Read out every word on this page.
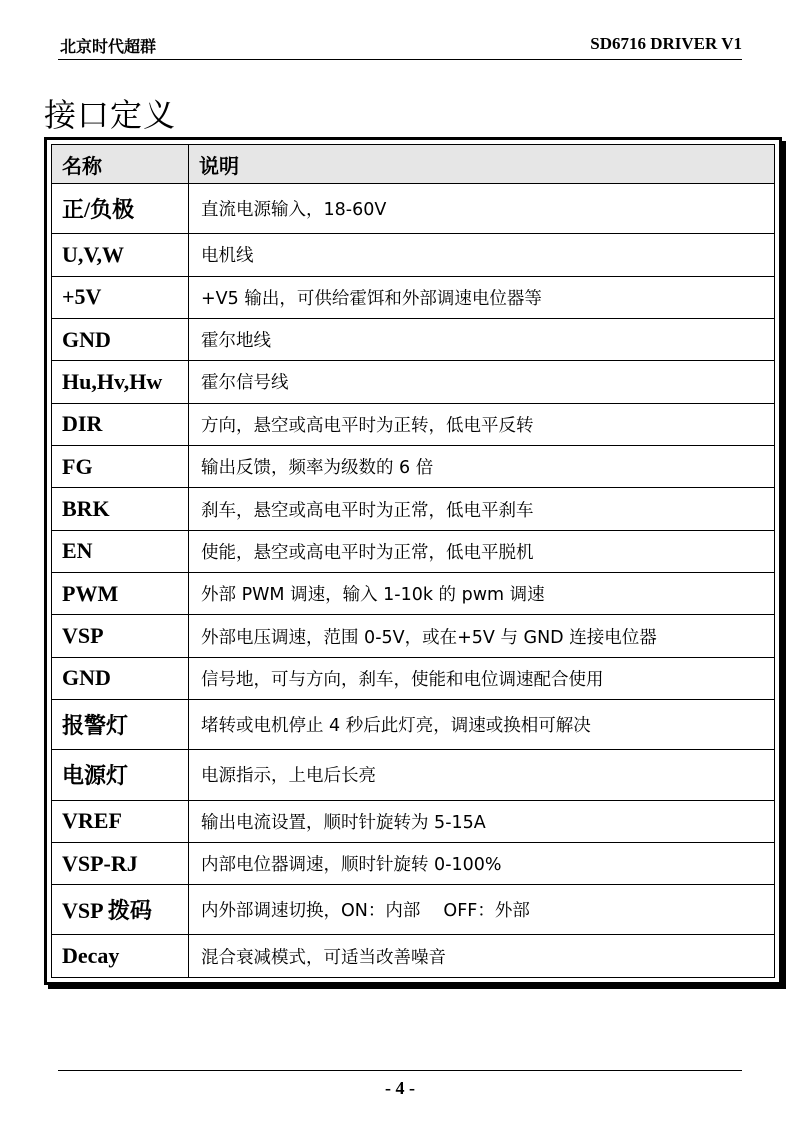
北京时代超群	SD6716 DRIVER V1
接口定义
名称	说明
正/负极	直流电源输入，18-60V
U,V,W	电机线
+5V	+V5 输出，可供给霍饵和外部调速电位器等
GND	霍尔地线
Hu,Hv,Hw	霍尔信号线
DIR	方向，悬空或高电平时为正转，低电平反转
FG	输出反馈，频率为级数的 6 倍
BRK	刹车，悬空或高电平时为正常，低电平刹车
EN	使能，悬空或高电平时为正常，低电平脱机
PWM	外部 PWM 调速，输入 1-10k 的 pwm 调速
VSP	外部电压调速，范围 0-5V，或在+5V 与 GND 连接电位器
GND	信号地，可与方向，刹车，使能和电位调速配合使用
报警灯	堵转或电机停止 4 秒后此灯亮，调速或换相可解决
电源灯	电源指示，上电后长亮
VREF	输出电流设置，顺时针旋转为 5-15A
VSP-RJ	内部电位器调速，顺时针旋转 0-100%
VSP 拨码	内外部调速切换，ON：内部　 OFF：外部
Decay	混合衰减模式，可适当改善噪音
- 4 -
